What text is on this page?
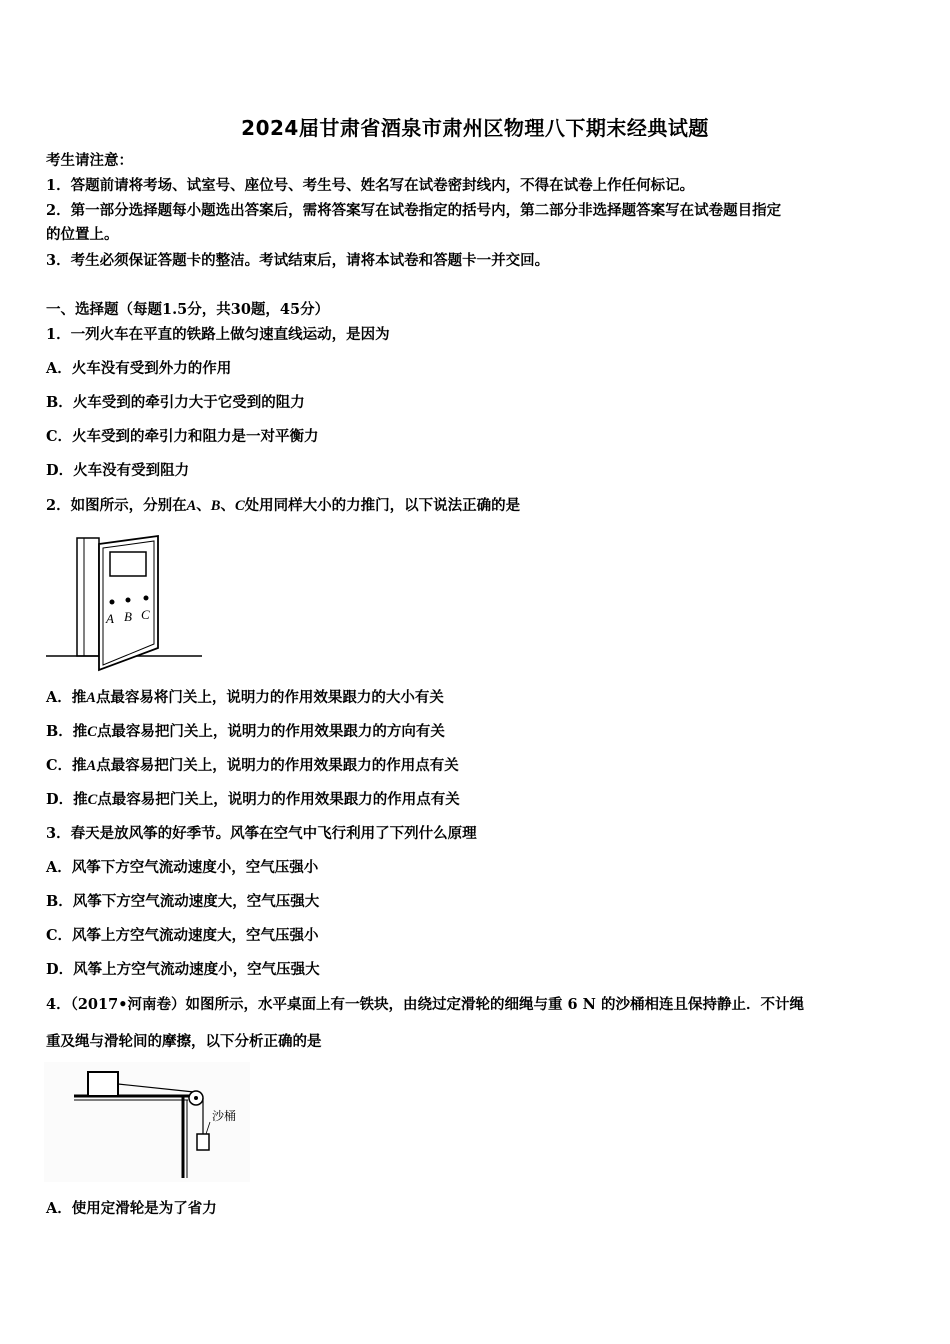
2024届甘肃省酒泉市肃州区物理八下期末经典试题
考生请注意：
1．答题前请将考场、试室号、座位号、考生号、姓名写在试卷密封线内，不得在试卷上作任何标记。
2．第一部分选择题每小题选出答案后，需将答案写在试卷指定的括号内，第二部分非选择题答案写在试卷题目指定
的位置上。
3．考生必须保证答题卡的整洁。考试结束后，请将本试卷和答题卡一并交回。
一、选择题（每题1.5分，共30题，45分）
1．一列火车在平直的铁路上做匀速直线运动，是因为
A．火车没有受到外力的作用
B．火车受到的牵引力大于它受到的阻力
C．火车受到的牵引力和阻力是一对平衡力
D．火车没有受到阻力
2．如图所示，分别在A、B、C处用同样大小的力推门，以下说法正确的是
A B C
A．推A点最容易将门关上，说明力的作用效果跟力的大小有关
B．推C点最容易把门关上，说明力的作用效果跟力的方向有关
C．推A点最容易把门关上，说明力的作用效果跟力的作用点有关
D．推C点最容易把门关上，说明力的作用效果跟力的作用点有关
3．春天是放风筝的好季节。风筝在空气中飞行利用了下列什么原理
A．风筝下方空气流动速度小，空气压强小
B．风筝下方空气流动速度大，空气压强大
C．风筝上方空气流动速度大，空气压强小
D．风筝上方空气流动速度小，空气压强大
4．（2017•河南卷）如图所示，水平桌面上有一铁块，由绕过定滑轮的细绳与重 6 N 的沙桶相连且保持静止．不计绳
重及绳与滑轮间的摩擦，以下分析正确的是
沙桶
A．使用定滑轮是为了省力
